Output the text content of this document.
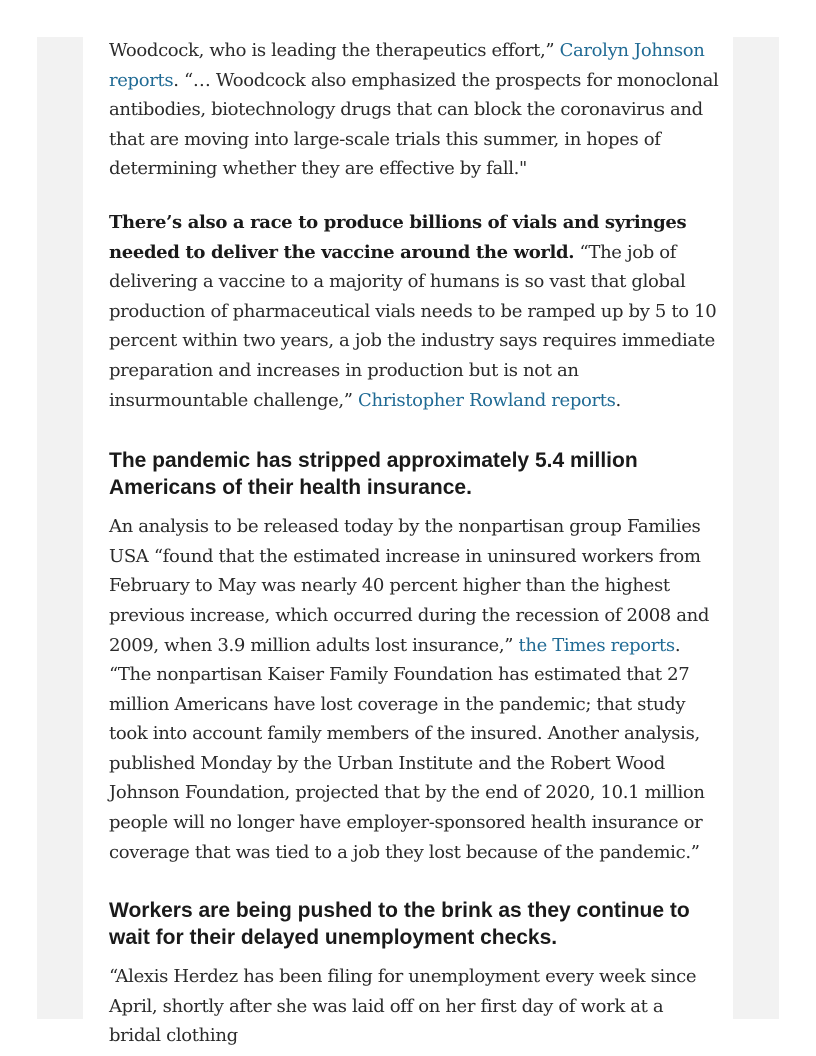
Woodcock, who is leading the therapeutics effort,” Carolyn Johnson reports. “… Woodcock also emphasized the prospects for monoclonal antibodies, biotechnology drugs that can block the coronavirus and that are moving into large-scale trials this summer, in hopes of determining whether they are effective by fall."

There’s also a race to produce billions of vials and syringes needed to deliver the vaccine around the world. “The job of delivering a vaccine to a majority of humans is so vast that global production of pharmaceutical vials needs to be ramped up by 5 to 10 percent within two years, a job the industry says requires immediate preparation and increases in production but is not an insurmountable challenge,” Christopher Rowland reports.

The pandemic has stripped approximately 5.4 million Americans of their health insurance.

An analysis to be released today by the nonpartisan group Families USA “found that the estimated increase in uninsured workers from February to May was nearly 40 percent higher than the highest previous increase, which occurred during the recession of 2008 and 2009, when 3.9 million adults lost insurance,” the Times reports. “The nonpartisan Kaiser Family Foundation has estimated that 27 million Americans have lost coverage in the pandemic; that study took into account family members of the insured. Another analysis, published Monday by the Urban Institute and the Robert Wood Johnson Foundation, projected that by the end of 2020, 10.1 million people will no longer have employer-sponsored health insurance or coverage that was tied to a job they lost because of the pandemic.”

Workers are being pushed to the brink as they continue to wait for their delayed unemployment checks.

“Alexis Herdez has been filing for unemployment every week since April, shortly after she was laid off on her first day of work at a bridal clothing
